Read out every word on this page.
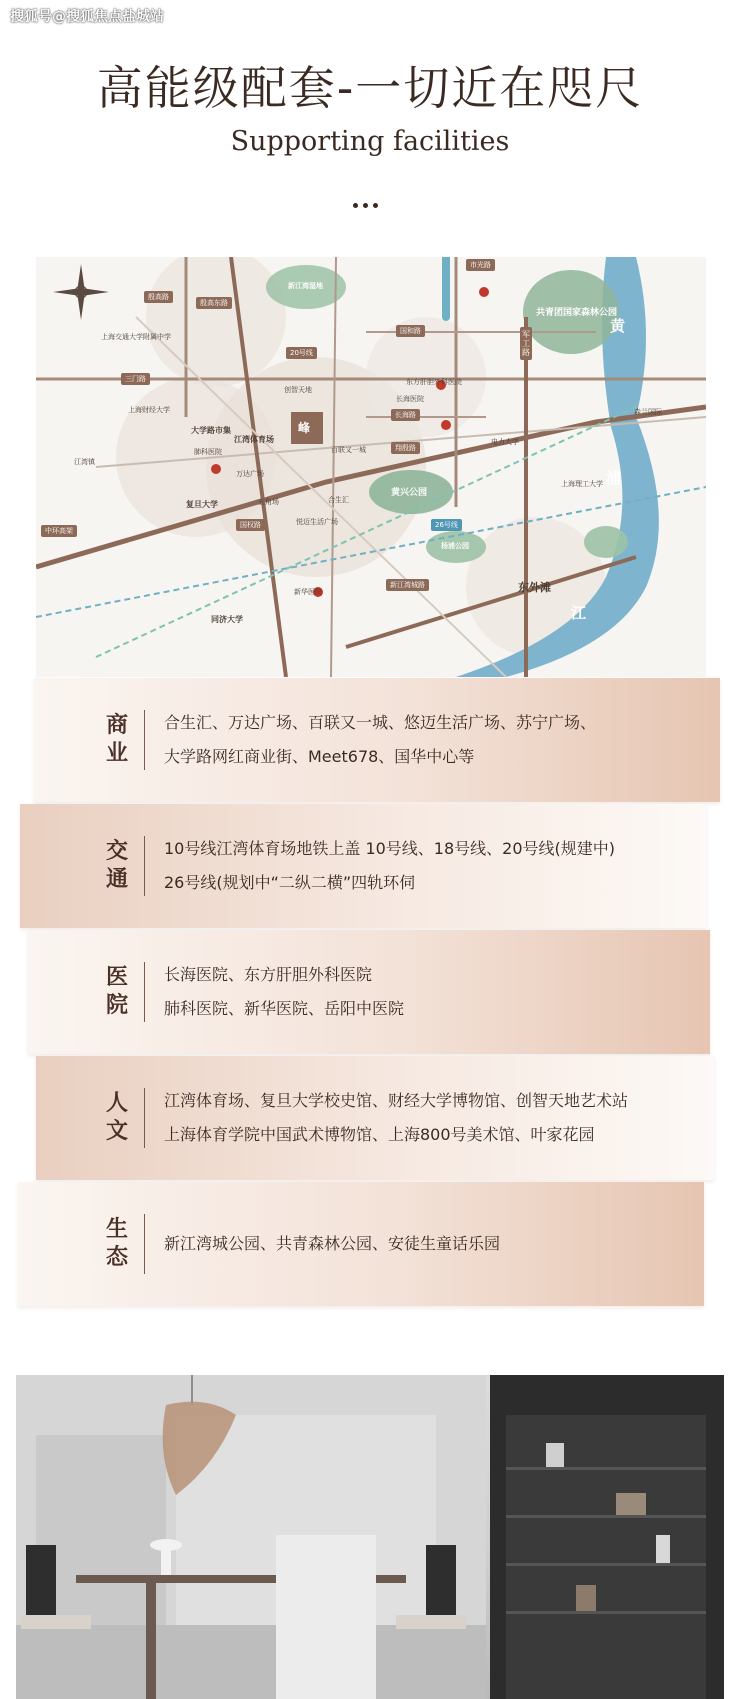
搜狐号@搜狐焦点盐城站
高能级配套-一切近在咫尺
Supporting facilities
殷高路
殷高东路
三门路
中环高架
长海路
翔殷路
国和路
国权路
军工路
市光路
新江湾城路
20号线
26号线
共青团国家森林公园
黄兴公园
杨浦公园
新江湾湿地
黄
浦
江
复旦大学
同济大学
上海财经大学
上海交通大学附属中学
江湾体育场
大学路市集
合生汇
百联又一城
万达广场
长海医院
东方肝胆外科医院
电力大学
上海理工大学
东外滩
五角场
肺科医院
新华医院
森兰国际
江湾镇
创智天地
悦迈生活广场
峰
商业
合生汇、万达广场、百联又一城、悠迈生活广场、苏宁广场、
大学路网红商业街、Meet678、国华中心等
交通
10号线江湾体育场地铁上盖 10号线、18号线、20号线(规建中)
26号线(规划中“二纵二横”四轨环伺
医院
长海医院、东方肝胆外科医院
肺科医院、新华医院、岳阳中医院
人文
江湾体育场、复旦大学校史馆、财经大学博物馆、创智天地艺术站
上海体育学院中国武术博物馆、上海800号美术馆、叶家花园
生态
新江湾城公园、共青森林公园、安徒生童话乐园
